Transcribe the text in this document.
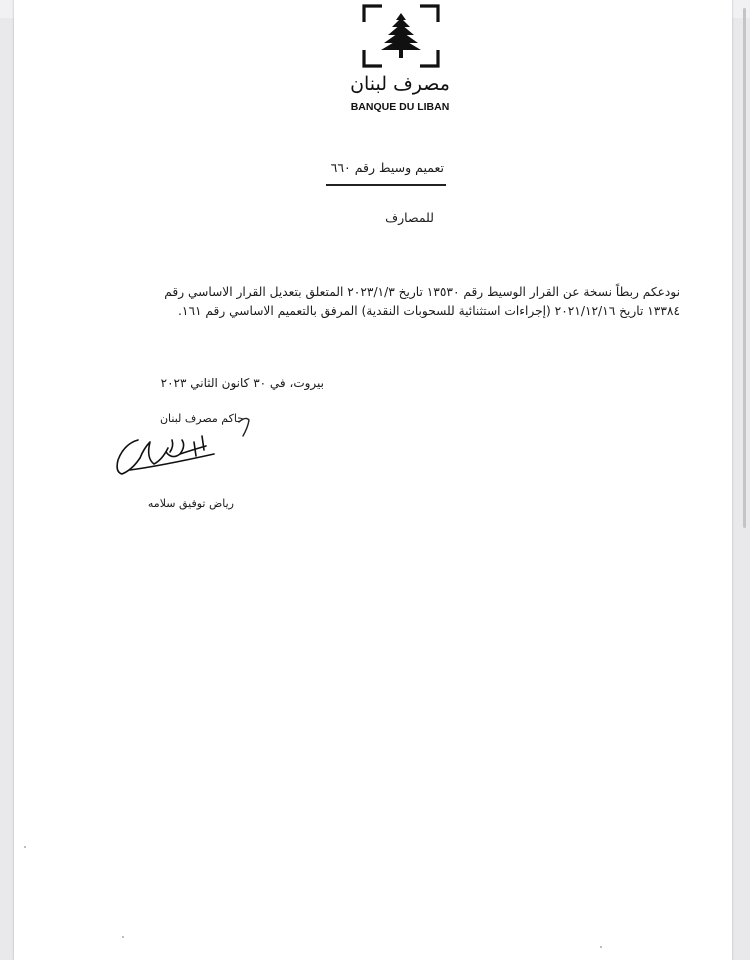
مصرف لبنان
BANQUE DU LIBAN
تعميم وسيط رقم ٦٦٠
للمصارف
نودعكم ربطاً نسخة عن القرار الوسيط رقم ١٣٥٣٠ تاريخ ٢٠٢٣/١/٣ المتعلق بتعديل القرار الاساسي رقم ١٣٣٨٤ تاريخ ٢٠٢١/١٢/١٦ (إجراءات استثنائية للسحوبات النقدية) المرفق بالتعميم الاساسي رقم ١٦١.
بيروت، في ٣٠ كانون الثاني ٢٠٢٣
حاكم مصرف لبنان
رياض توفيق سلامه
